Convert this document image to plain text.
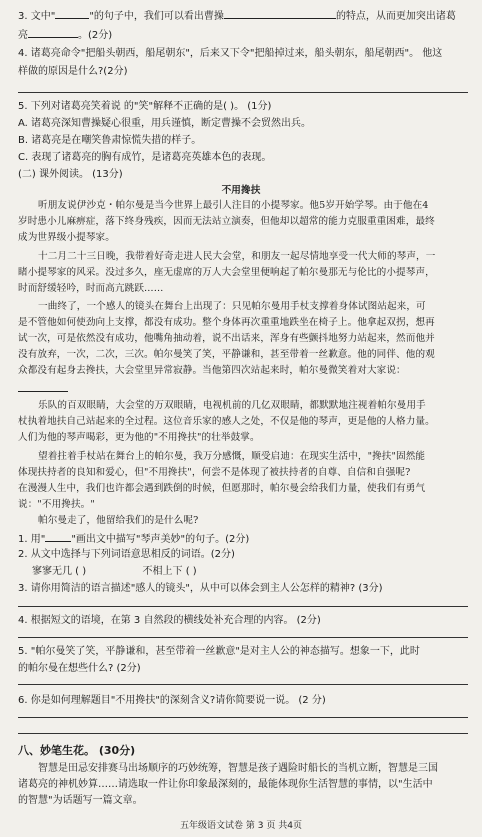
3. 文中"	"的句子中，我们可以看出曹操	的特点，从而更加突出诸葛
亮	。(2分)
4. 诸葛亮命令"把船头朝西，船尾朝东"，后来又下令"把船掉过来，船头朝东，船尾朝西"。 他这
样做的原因是什么?(2分)
5. 下列对诸葛亮笑着说 的"笑"解释不正确的是( )。 (1分)
A. 诸葛亮深知曹操疑心很重，用兵谨慎，断定曹操不会贸然出兵。
B. 诸葛亮是在嘲笑鲁肃惊慌失措的样子。
C. 表现了诸葛亮的胸有成竹，是诸葛亮英雄本色的表现。
(二) 课外阅读。 (13分)
不用搀扶
听朋友说伊沙克・帕尔曼是当今世界上最引人注目的小提琴家。他5岁开始学琴。由于他在4
岁时患小儿麻痹症，落下终身残疾，因而无法站立演奏，但他却以超常的能力克服重重困难，最终
成为世界级小提琴家。
十二月二十三日晚，我带着好奇走进人民大会堂，和朋友一起尽情地享受一代大师的琴声，一
睹小提琴家的风采。没过多久，座无虚席的万人大会堂里便响起了帕尔曼那无与伦比的小提琴声，
时而舒缓轻吟，时而高亢跳跃……
一曲终了，一个感人的镜头在舞台上出现了：只见帕尔曼用手杖支撑着身体试图站起来，可
是不管他如何使劲向上支撑，都没有成功。整个身体再次重重地跌坐在椅子上。他拿起双拐，想再
试一次，可是依然没有成功，他嘴角抽动着，说不出话来，浑身有些颤抖地努力站起来，然而他并
没有放弃，一次，二次，三次。帕尔曼笑了笑，平静谦和，甚至带着一丝歉意。他的同伴、他的观
众都没有起身去搀扶，大会堂里异常寂静。当他第四次站起来时，帕尔曼微笑着对大家说：
乐队的百双眼睛，大会堂的万双眼睛，电视机前的几亿双眼睛，都默默地注视着帕尔曼用手
杖执着地扶自己站起来的全过程。这位音乐家的感人之处，不仅是他的琴声，更是他的人格力量。
人们为他的琴声喝彩，更为他的"不用搀扶"的壮举鼓掌。
望着拄着手杖站在舞台上的帕尔曼，我万分感慨，顺受启迪：在现实生活中，"搀扶"固然能
体现扶持者的良知和爱心，但"不用搀扶"，何尝不是体现了被扶持者的自尊、自信和自强呢?
在漫漫人生中，我们也许都会遇到跌倒的时候，但愿那时，帕尔曼会给我们力量，使我们有勇气
说："不用搀扶。"
帕尔曼走了，他留给我们的是什么呢?
1. 用"	"画出文中描写"琴声美妙"的句子。(2分)
2. 从文中选择与下列词语意思相反的词语。(2分)
寥寥无几 ( )	不相上下 ( )
3. 请你用简洁的语言描述"感人的镜头"，从中可以体会到主人公怎样的精神? (3分)
4. 根据短文的语境，在第 3 自然段的横线处补充合理的内容。 (2分)
5. "帕尔曼笑了笑，平静谦和，甚至带着一丝歉意"是对主人公的神态描写。想象一下，此时
的帕尔曼在想些什么? (2分)
6. 你是如何理解题目"不用搀扶"的深刻含义?请你简要说一说。 (2 分)
八、妙笔生花。 (30分)
智慧是田忌安排赛马出场顺序的巧妙统筹，智慧是孩子遇险时船长的当机立断，智慧是三国
诸葛亮的神机妙算……请选取一件让你印象最深刻的，最能体现你生活智慧的事情，以"生活中
的智慧"为话题写一篇文章。
五年级语文试卷 第 3 页 共4页
